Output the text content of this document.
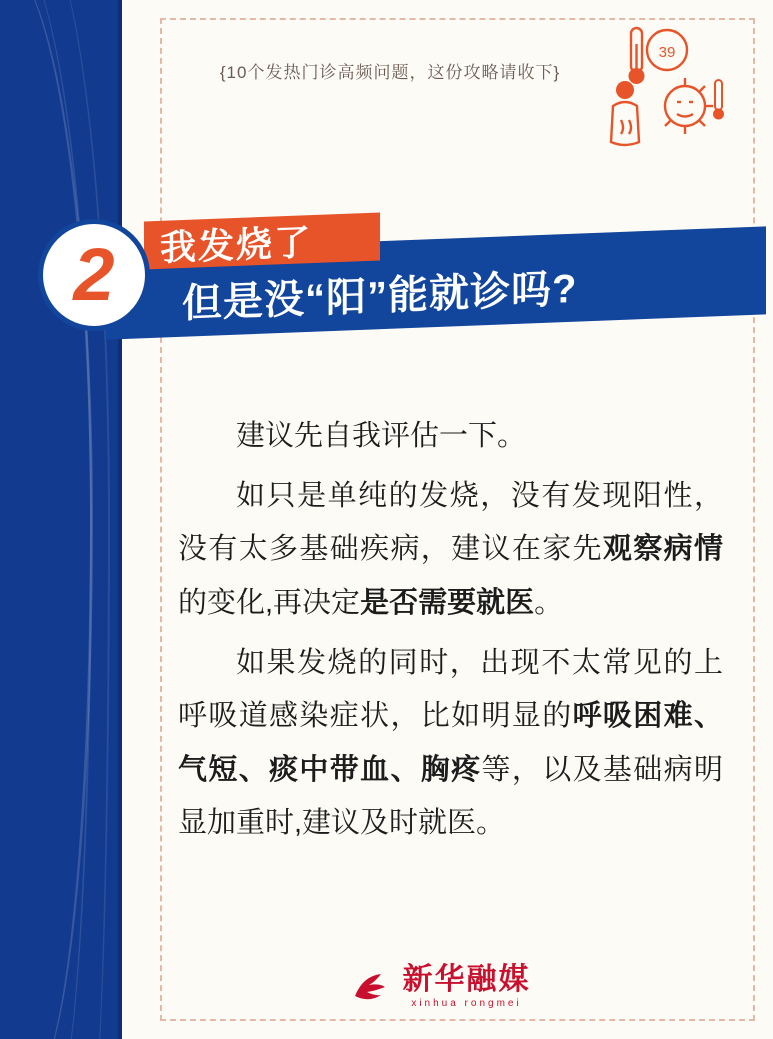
{10个发热门诊高频问题，这份攻略请收下}
39
我发烧了
但是没“阳”能就诊吗?
2

建议先自我评估一下。

如只是单纯的发烧，没有发现阳性，没有太多基础疾病，建议在家先观察病情的变化,再决定是否需要就医。

如果发烧的同时，出现不太常见的上呼吸道感染症状，比如明显的呼吸困难、气短、痰中带血、胸疼等，以及基础病明显加重时,建议及时就医。

新华融媒
xinhua rongmei
